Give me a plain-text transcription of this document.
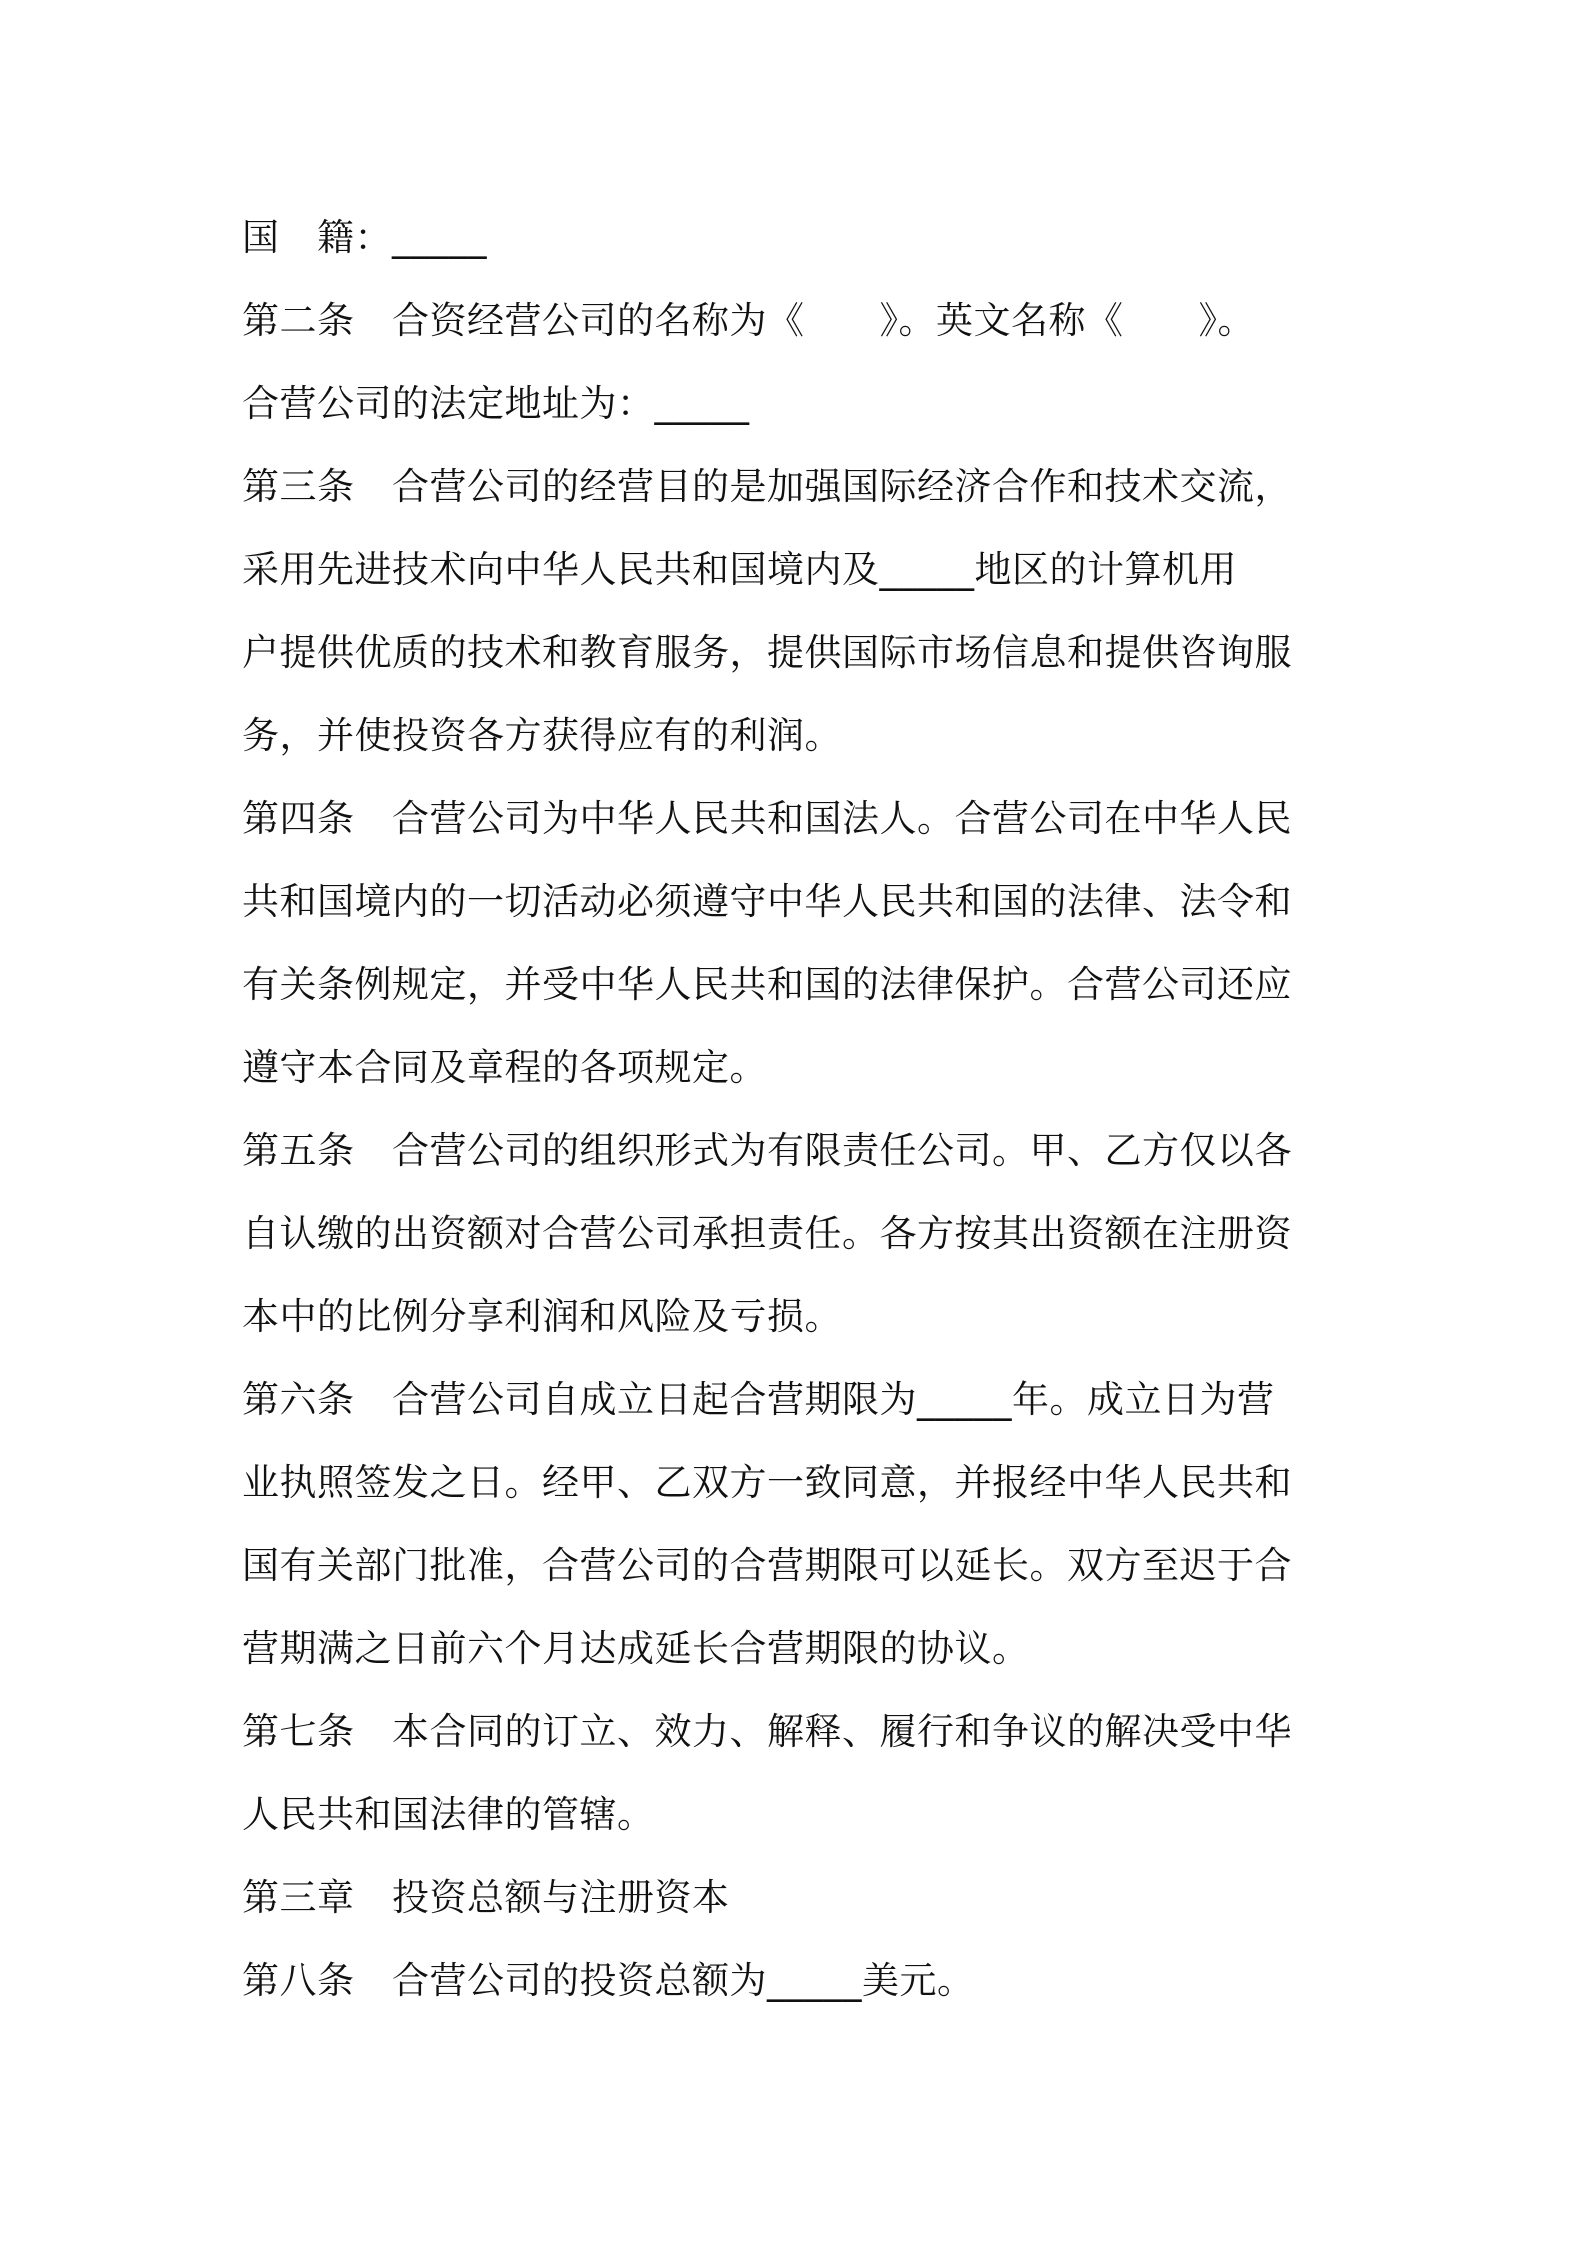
国　籍：_____
第二条　合资经营公司的名称为《　　》。英文名称《　　》。
合营公司的法定地址为：_____
第三条　合营公司的经营目的是加强国际经济合作和技术交流，
采用先进技术向中华人民共和国境内及_____地区的计算机用
户提供优质的技术和教育服务，提供国际市场信息和提供咨询服
务，并使投资各方获得应有的利润。
第四条　合营公司为中华人民共和国法人。合营公司在中华人民
共和国境内的一切活动必须遵守中华人民共和国的法律、法令和
有关条例规定，并受中华人民共和国的法律保护。合营公司还应
遵守本合同及章程的各项规定。
第五条　合营公司的组织形式为有限责任公司。甲、乙方仅以各
自认缴的出资额对合营公司承担责任。各方按其出资额在注册资
本中的比例分享利润和风险及亏损。
第六条　合营公司自成立日起合营期限为_____年。成立日为营
业执照签发之日。经甲、乙双方一致同意，并报经中华人民共和
国有关部门批准，合营公司的合营期限可以延长。双方至迟于合
营期满之日前六个月达成延长合营期限的协议。
第七条　本合同的订立、效力、解释、履行和争议的解决受中华
人民共和国法律的管辖。
第三章　投资总额与注册资本
第八条　合营公司的投资总额为_____美元。
